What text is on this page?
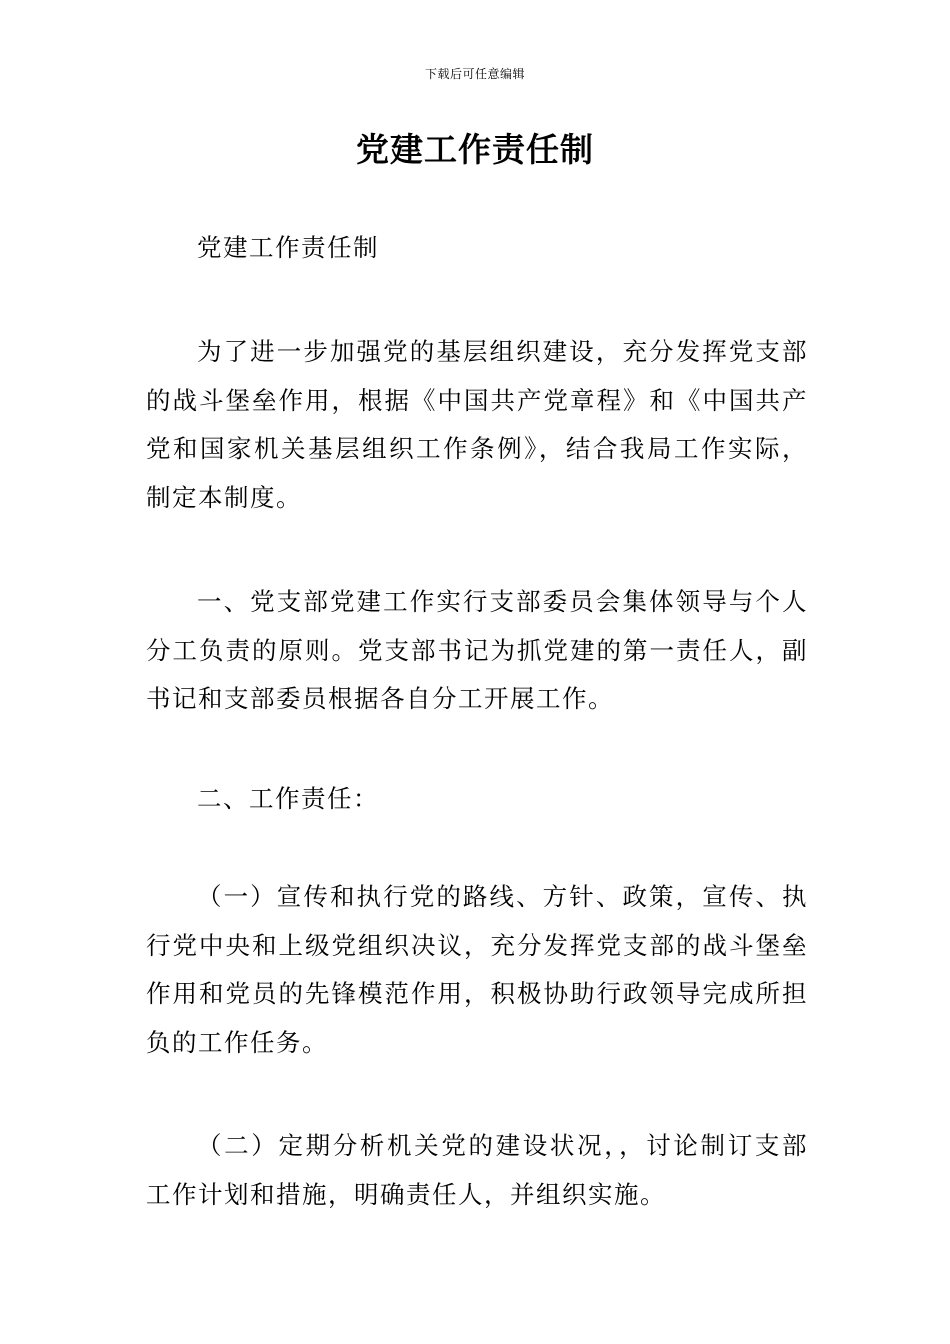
下载后可任意编辑
党建工作责任制

党建工作责任制

为了进一步加强党的基层组织建设，充分发挥党支部的战斗堡垒作用，根据《中国共产党章程》和《中国共产党和国家机关基层组织工作条例》，结合我局工作实际，制定本制度。

一、党支部党建工作实行支部委员会集体领导与个人分工负责的原则。党支部书记为抓党建的第一责任人，副书记和支部委员根据各自分工开展工作。

二、工作责任：

（一）宣传和执行党的路线、方针、政策，宣传、执行党中央和上级党组织决议，充分发挥党支部的战斗堡垒作用和党员的先锋模范作用，积极协助行政领导完成所担负的工作任务。

（二）定期分析机关党的建设状况，，讨论制订支部工作计划和措施，明确责任人，并组织实施。
